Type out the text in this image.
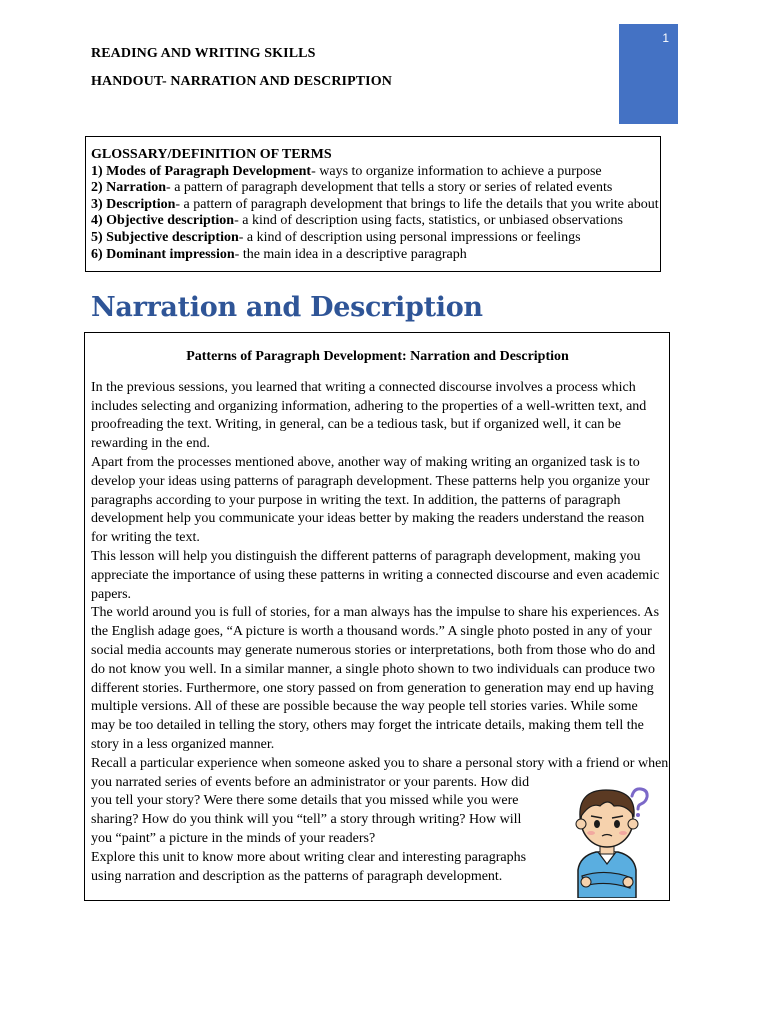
1
READING AND WRITING SKILLS
HANDOUT- NARRATION AND DESCRIPTION
GLOSSARY/DEFINITION OF TERMS
1) Modes of Paragraph Development- ways to organize information to achieve a purpose
2) Narration- a pattern of paragraph development that tells a story or series of related events
3) Description- a pattern of paragraph development that brings to life the details that you write about
4) Objective description- a kind of description using facts, statistics, or unbiased observations
5) Subjective description- a kind of description using personal impressions or feelings
6) Dominant impression- the main idea in a descriptive paragraph
Narration and Description
Patterns of Paragraph Development: Narration and Description

In the previous sessions, you learned that writing a connected discourse involves a process which includes selecting and organizing information, adhering to the properties of a well-written text, and proofreading the text. Writing, in general, can be a tedious task, but if organized well, it can be rewarding in the end.

Apart from the processes mentioned above, another way of making writing an organized task is to develop your ideas using patterns of paragraph development. These patterns help you organize your paragraphs according to your purpose in writing the text. In addition, the patterns of paragraph development help you communicate your ideas better by making the readers understand the reason for writing the text.

This lesson will help you distinguish the different patterns of paragraph development, making you appreciate the importance of using these patterns in writing a connected discourse and even academic papers.

The world around you is full of stories, for a man always has the impulse to share his experiences. As the English adage goes, “A picture is worth a thousand words.” A single photo posted in any of your social media accounts may generate numerous stories or interpretations, both from those who do and do not know you well. In a similar manner, a single photo shown to two individuals can produce two different stories. Furthermore, one story passed on from generation to generation may end up having multiple versions. All of these are possible because the way people tell stories varies. While some may be too detailed in telling the story, others may forget the intricate details, making them tell the story in a less organized manner.

Recall a particular experience when someone asked you to share a personal story with a friend or when

you narrated series of events before an administrator or your parents. How did you tell your story? Were there some details that you missed while you were sharing? How do you think will you “tell” a story through writing? How will you “paint” a picture in the minds of your readers?

Explore this unit to know more about writing clear and interesting paragraphs using narration and description as the patterns of paragraph development.
